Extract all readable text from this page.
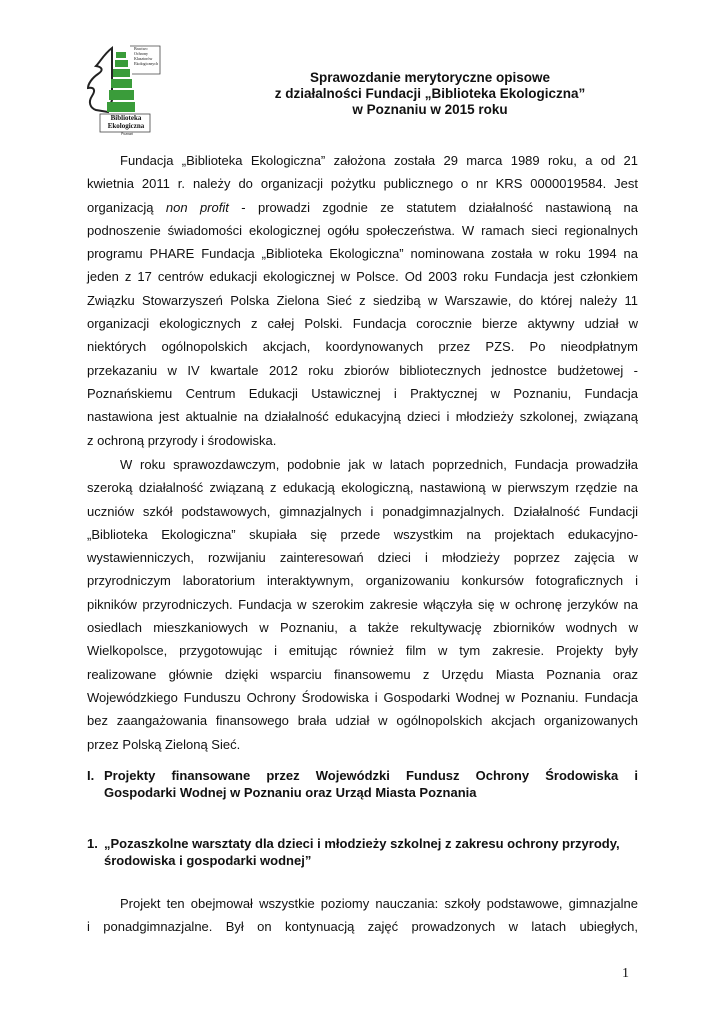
Bractwo
Ochrony
Klasztorów
Ekologicznych
Biblioteka
Ekologiczna
Poznań
Sprawozdanie merytoryczne opisowe
z działalności Fundacji „Biblioteka Ekologiczna”
w Poznaniu w 2015 roku
Fundacja „Biblioteka Ekologiczna” założona została 29 marca 1989 roku, a od 21
kwietnia 2011 r. należy do organizacji pożytku publicznego o nr KRS 0000019584. Jest
organizacją non profit - prowadzi zgodnie ze statutem działalność nastawioną na
podnoszenie świadomości ekologicznej ogółu społeczeństwa. W ramach sieci regionalnych
programu PHARE Fundacja „Biblioteka Ekologiczna” nominowana została w roku 1994 na
jeden z 17 centrów edukacji ekologicznej w Polsce. Od 2003 roku Fundacja jest członkiem
Związku Stowarzyszeń Polska Zielona Sieć z siedzibą w Warszawie, do której należy 11
organizacji ekologicznych z całej Polski. Fundacja corocznie bierze aktywny udział w
niektórych ogólnopolskich akcjach, koordynowanych przez PZS. Po nieodpłatnym
przekazaniu w IV kwartale 2012 roku zbiorów bibliotecznych jednostce budżetowej -
Poznańskiemu Centrum Edukacji Ustawicznej i Praktycznej w Poznaniu, Fundacja
nastawiona jest aktualnie na działalność edukacyjną dzieci i młodzieży szkolonej, związaną
z ochroną przyrody i środowiska.
W roku sprawozdawczym, podobnie jak w latach poprzednich, Fundacja prowadziła
szeroką działalność związaną z edukacją ekologiczną, nastawioną w pierwszym rzędzie na
uczniów szkół podstawowych, gimnazjalnych i ponadgimnazjalnych. Działalność Fundacji
„Biblioteka Ekologiczna” skupiała się przede wszystkim na projektach edukacyjno-
wystawienniczych, rozwijaniu zainteresowań dzieci i młodzieży poprzez zajęcia w
przyrodniczym laboratorium interaktywnym, organizowaniu konkursów fotograficznych i
pikników przyrodniczych. Fundacja w szerokim zakresie włączyła się w ochronę jerzyków na
osiedlach mieszkaniowych w Poznaniu, a także rekultywację zbiorników wodnych w
Wielkopolsce, przygotowując i emitując również film w tym zakresie. Projekty były
realizowane głównie dzięki wsparciu finansowemu z Urzędu Miasta Poznania oraz
Wojewódzkiego Funduszu Ochrony Środowiska i Gospodarki Wodnej w Poznaniu. Fundacja
bez zaangażowania finansowego brała udział w ogólnopolskich akcjach organizowanych
przez Polską Zieloną Sieć.
I. Projekty finansowane przez Wojewódzki Fundusz Ochrony Środowiska i
Gospodarki Wodnej w Poznaniu oraz Urząd Miasta Poznania
1. „Pozaszkolne warsztaty dla dzieci i młodzieży szkolnej z zakresu ochrony przyrody,
środowiska i gospodarki wodnej”
Projekt ten obejmował wszystkie poziomy nauczania: szkoły podstawowe, gimnazjalne
i ponadgimnazjalne. Był on kontynuacją zajęć prowadzonych w latach ubiegłych,
1
